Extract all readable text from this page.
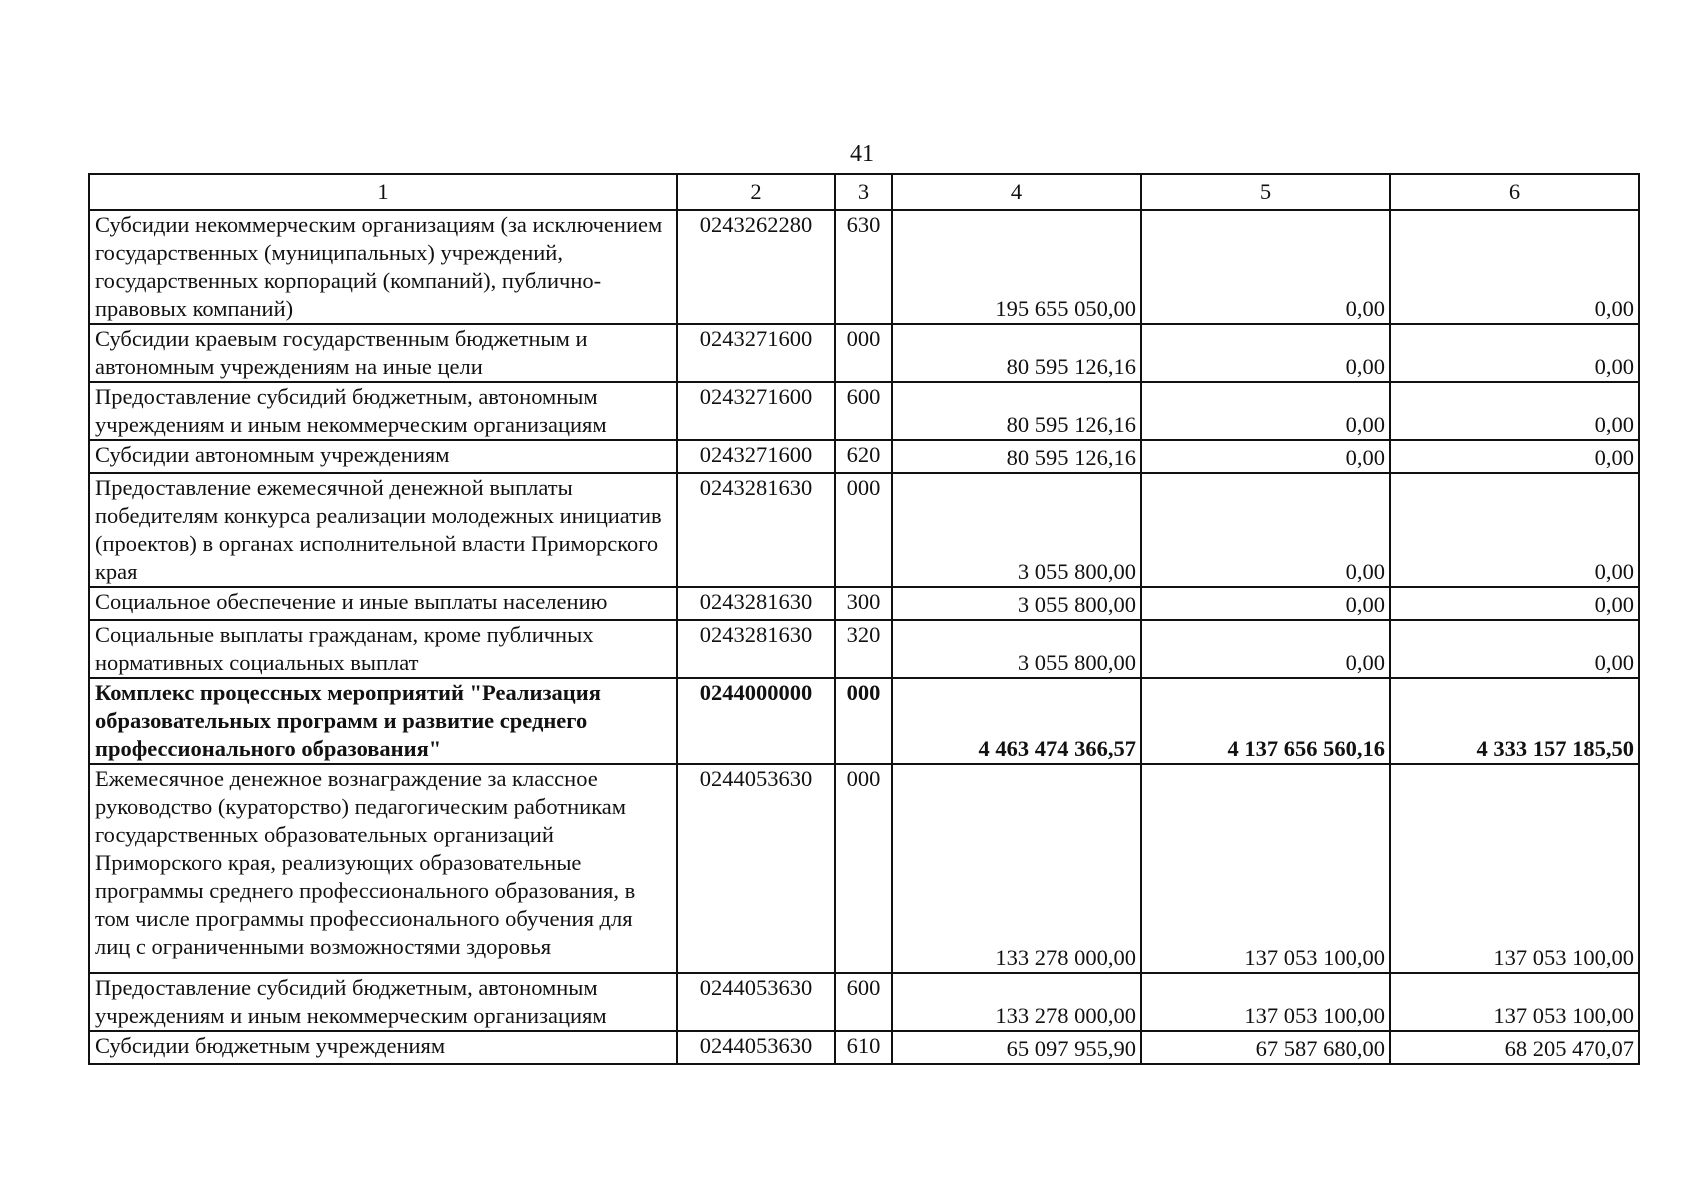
41
1	2	3	4	5	6
Субсидии некоммерческим организациям (за исключением государственных (муниципальных) учреждений, государственных корпораций (компаний), публично-правовых компаний)	0243262280	630	195 655 050,00	0,00	0,00
Субсидии краевым государственным бюджетным и автономным учреждениям на иные цели	0243271600	000	80 595 126,16	0,00	0,00
Предоставление субсидий бюджетным, автономным учреждениям и иным некоммерческим организациям	0243271600	600	80 595 126,16	0,00	0,00
Субсидии автономным учреждениям	0243271600	620	80 595 126,16	0,00	0,00
Предоставление ежемесячной денежной выплаты победителям конкурса реализации молодежных инициатив (проектов) в органах исполнительной власти Приморского края	0243281630	000	3 055 800,00	0,00	0,00
Социальное обеспечение и иные выплаты населению	0243281630	300	3 055 800,00	0,00	0,00
Социальные выплаты гражданам, кроме публичных нормативных социальных выплат	0243281630	320	3 055 800,00	0,00	0,00
Комплекс процессных мероприятий "Реализация образовательных программ и развитие среднего профессионального образования"	0244000000	000	4 463 474 366,57	4 137 656 560,16	4 333 157 185,50
Ежемесячное денежное вознаграждение за классное руководство (кураторство) педагогическим работникам государственных образовательных организаций Приморского края, реализующих образовательные программы среднего профессионального образования, в том числе программы профессионального обучения для лиц с ограниченными возможностями здоровья	0244053630	000	133 278 000,00	137 053 100,00	137 053 100,00
Предоставление субсидий бюджетным, автономным учреждениям и иным некоммерческим организациям	0244053630	600	133 278 000,00	137 053 100,00	137 053 100,00
Субсидии бюджетным учреждениям	0244053630	610	65 097 955,90	67 587 680,00	68 205 470,07
